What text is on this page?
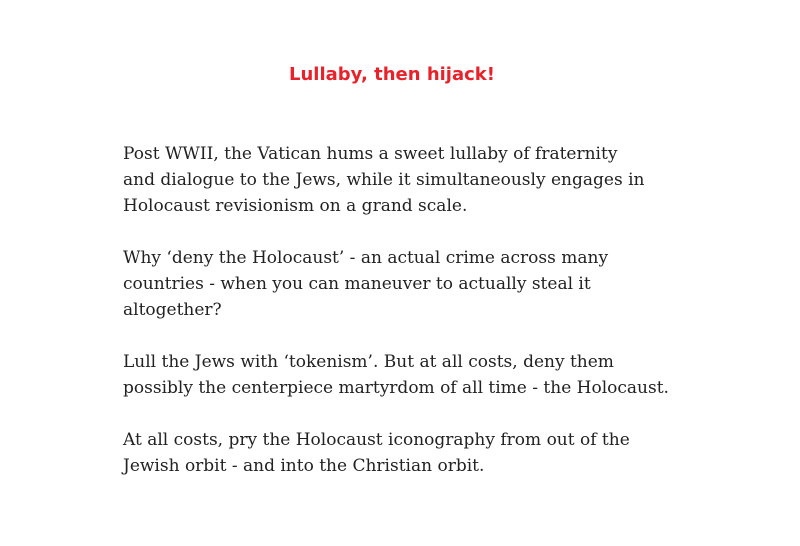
Lullaby, then hijack!

Post WWII, the Vatican hums a sweet lullaby of fraternity
and dialogue to the Jews, while it simultaneously engages in
Holocaust revisionism on a grand scale.

Why ‘deny the Holocaust’ - an actual crime across many
countries - when you can maneuver to actually steal it
altogether?

Lull the Jews with ‘tokenism’. But at all costs, deny them
possibly the centerpiece martyrdom of all time - the Holocaust.

At all costs, pry the Holocaust iconography from out of the
Jewish orbit - and into the Christian orbit.
